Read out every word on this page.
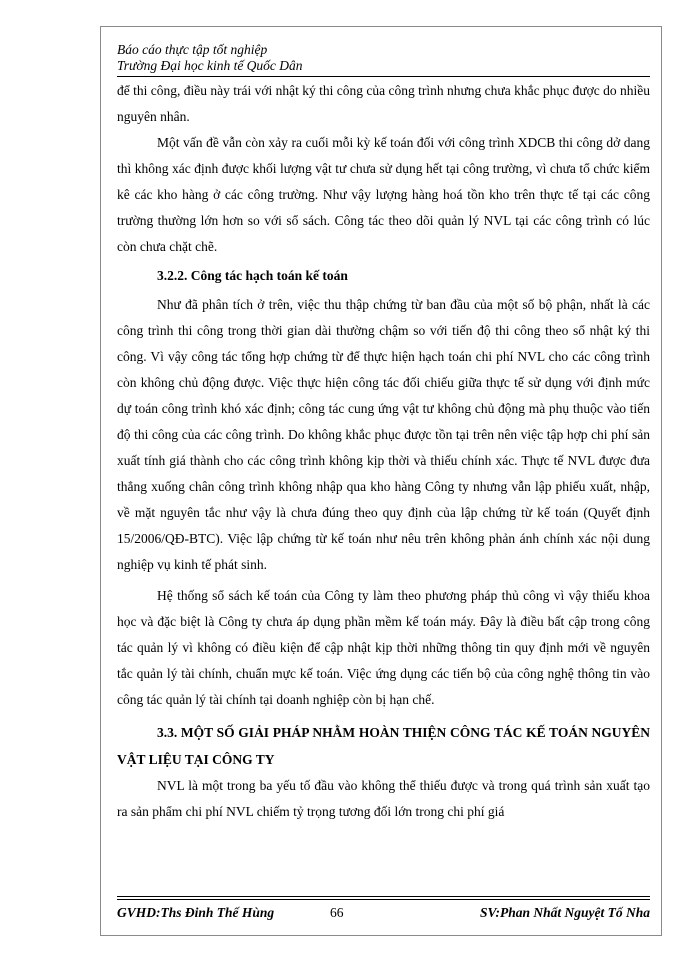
Báo cáo thực tập tốt nghiệp
Trường Đại học kinh tế Quốc Dân

để thi công, điều này trái với nhật ký thi công của công trình nhưng chưa khắc phục được do nhiều nguyên nhân.

Một vấn đề vẫn còn xảy ra cuối mỗi kỳ kế toán đối với công trình XDCB thi công dở dang thì không xác định được khối lượng vật tư chưa sử dụng hết tại công trường, vì chưa tổ chức kiểm kê các kho hàng ở các công trường. Như vậy lượng hàng hoá tồn kho trên thực tế tại các công trường thường lớn hơn so với sổ sách. Công tác theo dõi quản lý NVL tại các công trình có lúc còn chưa chặt chẽ.

3.2.2. Công tác hạch toán kế toán

Như đã phân tích ở trên, việc thu thập chứng từ ban đầu của một số bộ phận, nhất là các công trình thi công trong thời gian dài thường chậm so với tiến độ thi công theo sổ nhật ký thi công. Vì vậy công tác tổng hợp chứng từ để thực hiện hạch toán chi phí NVL cho các công trình còn không chủ động được. Việc thực hiện công tác đối chiếu giữa thực tế sử dụng với định mức dự toán công trình khó xác định; công tác cung ứng vật tư không chủ động mà phụ thuộc vào tiến độ thi công của các công trình. Do không khắc phục được tồn tại trên nên việc tập hợp chi phí sản xuất tính giá thành cho các công trình không kịp thời và thiếu chính xác. Thực tế NVL được đưa thẳng xuống chân công trình không nhập qua kho hàng Công ty nhưng vẫn lập phiếu xuất, nhập, về mặt nguyên tắc như vậy là chưa đúng theo quy định của lập chứng từ kế toán (Quyết định 15/2006/QĐ-BTC). Việc lập chứng từ kế toán như nêu trên không phản ánh chính xác nội dung nghiệp vụ kinh tế phát sinh.

Hệ thống sổ sách kế toán của Công ty làm theo phương pháp thủ công vì vậy thiếu khoa học và đặc biệt là Công ty chưa áp dụng phần mềm kế toán máy. Đây là điều bất cập trong công tác quản lý vì không có điều kiện để cập nhật kịp thời những thông tin quy định mới về nguyên tắc quản lý tài chính, chuẩn mực kế toán. Việc ứng dụng các tiến bộ của công nghệ thông tin vào công tác quản lý tài chính tại doanh nghiệp còn bị hạn chế.

3.3. MỘT SỐ GIẢI PHÁP NHẰM HOÀN THIỆN CÔNG TÁC KẾ TOÁN NGUYÊN VẬT LIỆU TẠI CÔNG TY

NVL là một trong ba yếu tố đầu vào không thể thiếu được và trong quá trình sản xuất tạo ra sản phẩm chi phí NVL chiếm tỷ trọng tương đối lớn trong chi phí giá

GVHD:Ths Đinh Thế Hùng	66	SV:Phan Nhất Nguyệt Tố Nha
